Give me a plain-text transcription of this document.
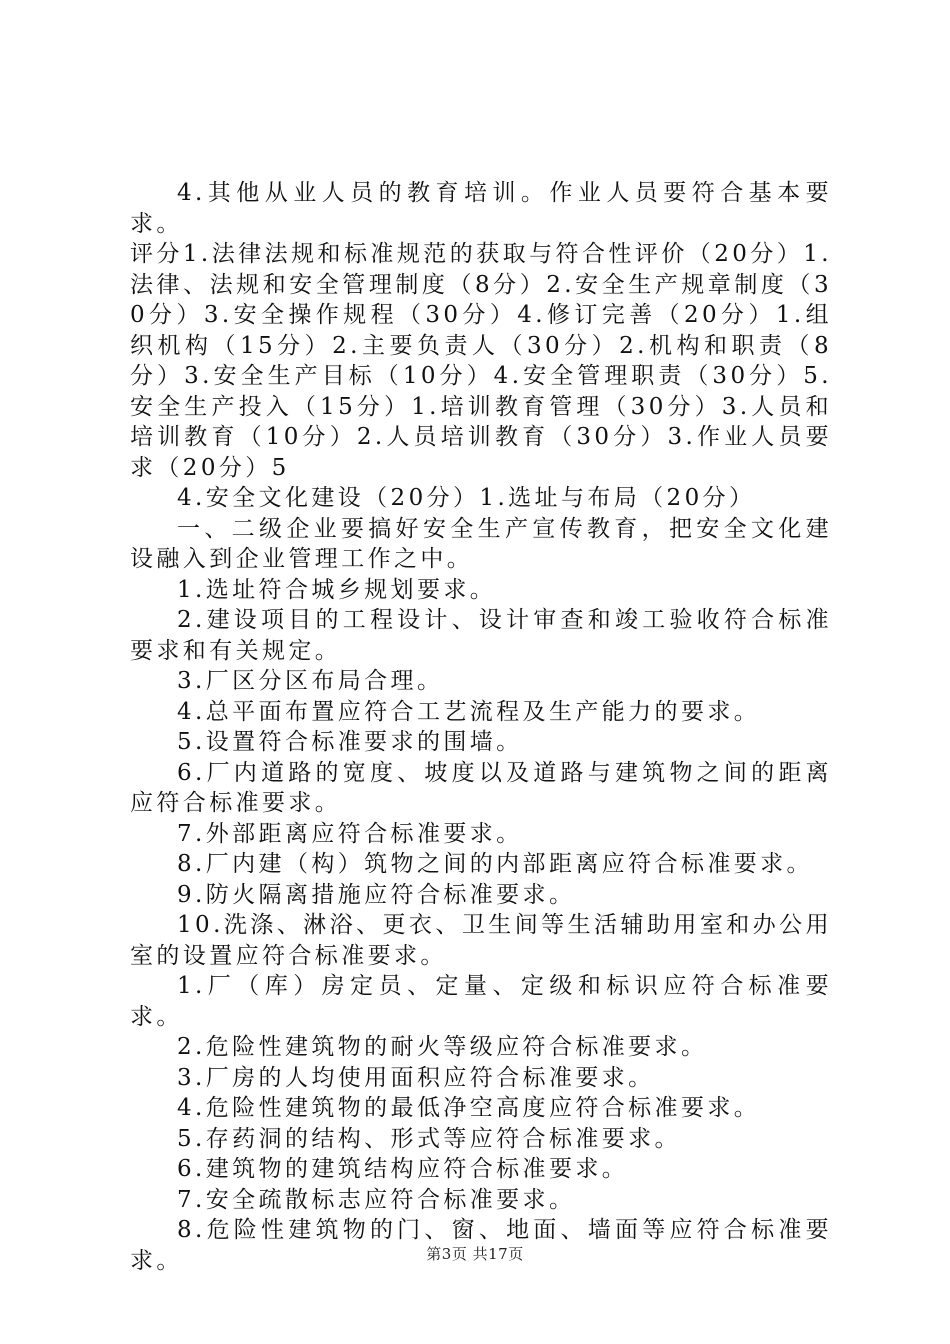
4.其他从业人员的教育培训。作业人员要符合基本要求。

评分1.法律法规和标准规范的获取与符合性评价（20分）1.法律、法规和安全管理制度（8分）2.安全生产规章制度（30分）3.安全操作规程（30分）4.修订完善（20分）1.组织机构（15分）2.主要负责人（30分）2.机构和职责（8分）3.安全生产目标（10分）4.安全管理职责（30分）5.安全生产投入（15分）1.培训教育管理（30分）3.人员和培训教育（10分）2.人员培训教育（30分）3.作业人员要求（20分）5

4.安全文化建设（20分）1.选址与布局（20分）

一、二级企业要搞好安全生产宣传教育，把安全文化建设融入到企业管理工作之中。

1.选址符合城乡规划要求。

2.建设项目的工程设计、设计审查和竣工验收符合标准要求和有关规定。

3.厂区分区布局合理。

4.总平面布置应符合工艺流程及生产能力的要求。

5.设置符合标准要求的围墙。

6.厂内道路的宽度、坡度以及道路与建筑物之间的距离应符合标准要求。

7.外部距离应符合标准要求。

8.厂内建（构）筑物之间的内部距离应符合标准要求。

9.防火隔离措施应符合标准要求。

10.洗涤、淋浴、更衣、卫生间等生活辅助用室和办公用室的设置应符合标准要求。

1.厂（库）房定员、定量、定级和标识应符合标准要求。

2.危险性建筑物的耐火等级应符合标准要求。

3.厂房的人均使用面积应符合标准要求。

4.危险性建筑物的最低净空高度应符合标准要求。

5.存药洞的结构、形式等应符合标准要求。

6.建筑物的建筑结构应符合标准要求。

7.安全疏散标志应符合标准要求。

8.危险性建筑物的门、窗、地面、墙面等应符合标准要求。	第3页 共17页
